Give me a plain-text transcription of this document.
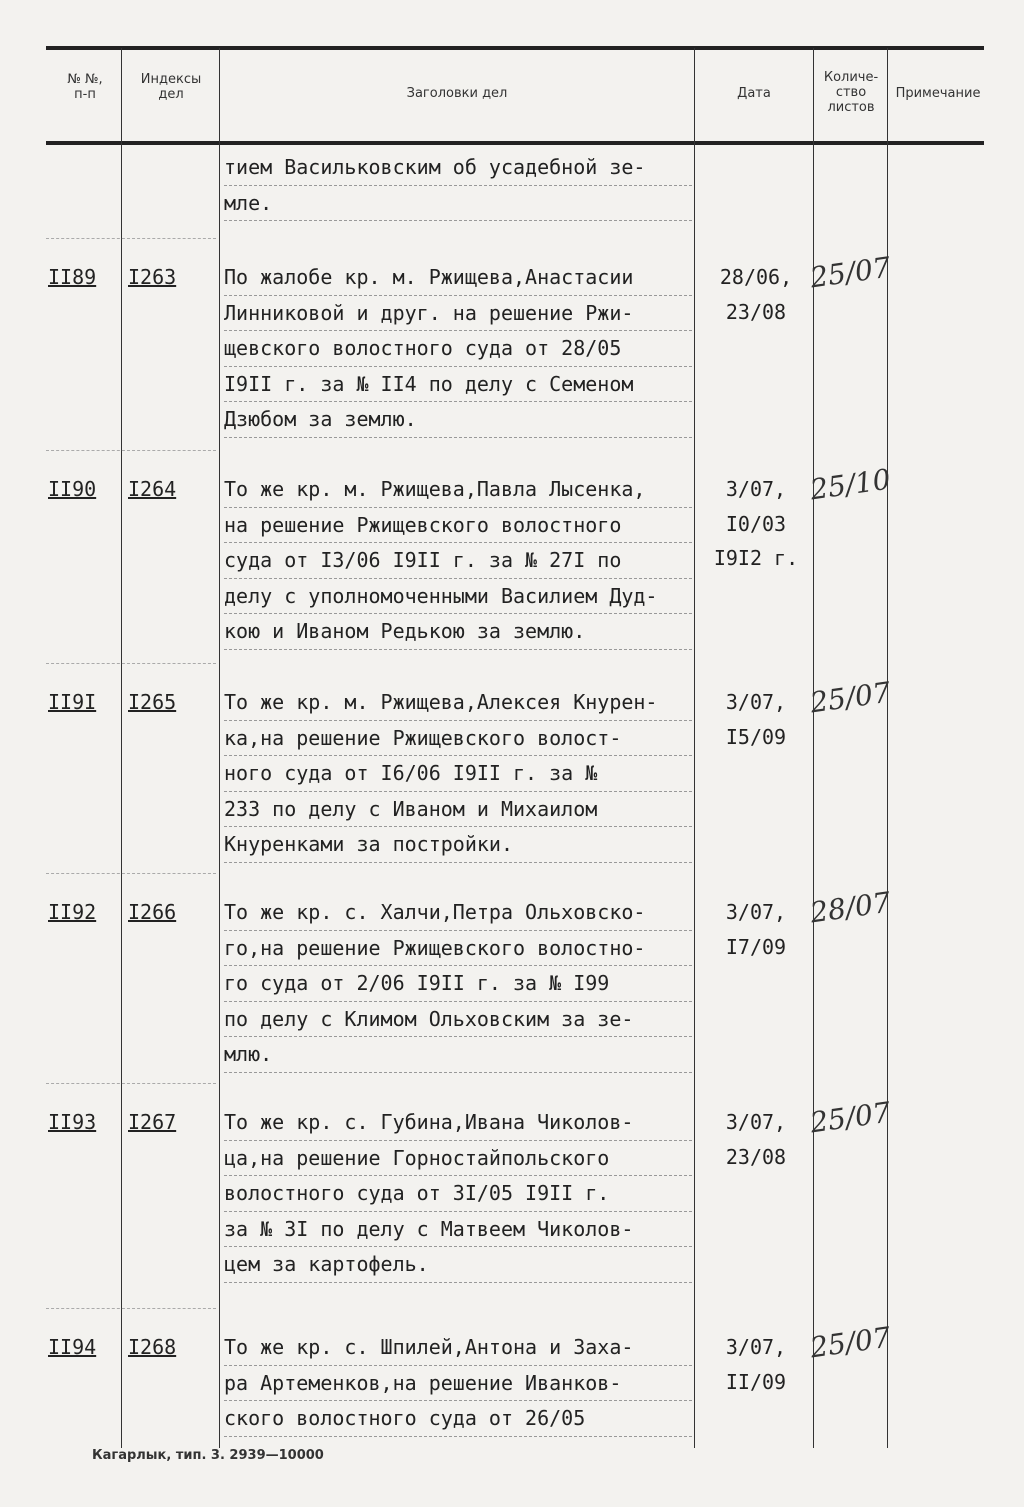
№ №,
п-п
Индексы
дел	Заголовки дел	Дата
Количе-
ство
листов
Примечание
тием Васильковским об усадебной зе-
мле.
II89 I263 По жалобе кр. м. Ржищева,Анастасии
Линниковой и друг. на решение Ржи-
щевского волостного суда от 28/05
I9II г. за № II4 по делу с Семеном
Дзюбом за землю.
28/06,
23/08
25/07
II90 I264 То же кр. м. Ржищева,Павла Лысенка,
на решение Ржищевского волостного
суда от I3/06 I9II г. за № 27I по
делу с уполномоченными Василием Дуд-
кою и Иваном Редькою за землю.
3/07,
I0/03
I9I2 г.
25/10
II9I I265 То же кр. м. Ржищева,Алексея Кнурен-
ка,на решение Ржищевского волост-
ного суда от I6/06 I9II г. за №
233 по делу с Иваном и Михаилом
Кнуренками за постройки.
3/07,
I5/09
25/07
II92 I266 То же кр. с. Халчи,Петра Ольховско-
го,на решение Ржищевского волостно-
го суда от 2/06 I9II г. за № I99
по делу с Климом Ольховским за зе-
млю.
3/07,
I7/09
28/07
II93 I267 То же кр. с. Губина,Ивана Чиколов-
ца,на решение Горностайпольского
волостного суда от 3I/05 I9II г.
за № 3I по делу с Матвеем Чиколов-
цем за картофель.
3/07,
23/08
25/07
II94 I268 То же кр. с. Шпилей,Антона и Заха-
ра Артеменков,на решение Иванков-
ского волостного суда от 26/05
3/07,
II/09
25/07
Кагарлык, тип. 3. 2939—10000
